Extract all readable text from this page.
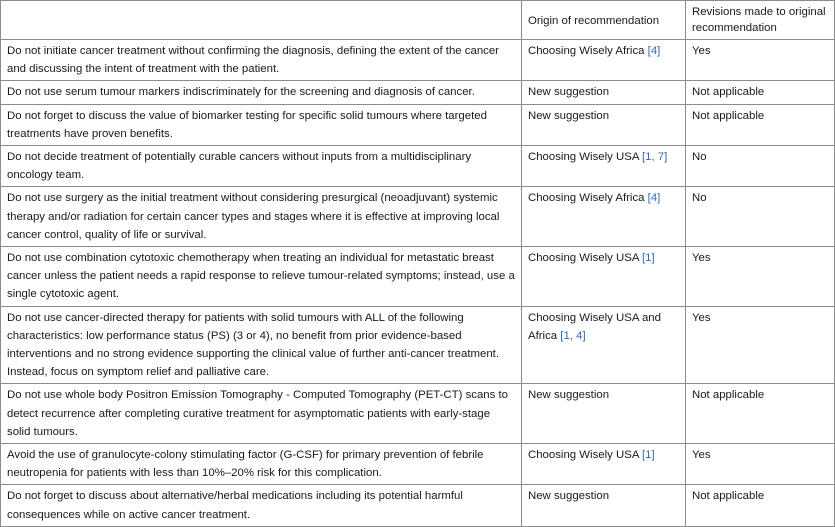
	Origin of recommendation	Revisions made to original recommendation
Do not initiate cancer treatment without confirming the diagnosis, defining the extent of the cancer and discussing the intent of treatment with the patient.	Choosing Wisely Africa [4]	Yes
Do not use serum tumour markers indiscriminately for the screening and diagnosis of cancer.	New suggestion	Not applicable
Do not forget to discuss the value of biomarker testing for specific solid tumours where targeted treatments have proven benefits.	New suggestion	Not applicable
Do not decide treatment of potentially curable cancers without inputs from a multidisciplinary oncology team.	Choosing Wisely USA [1, 7]	No
Do not use surgery as the initial treatment without considering presurgical (neoadjuvant) systemic therapy and/or radiation for certain cancer types and stages where it is effective at improving local cancer control, quality of life or survival.	Choosing Wisely Africa [4]	No
Do not use combination cytotoxic chemotherapy when treating an individual for metastatic breast cancer unless the patient needs a rapid response to relieve tumour-related symptoms; instead, use a single cytotoxic agent.	Choosing Wisely USA [1]	Yes
Do not use cancer-directed therapy for patients with solid tumours with ALL of the following characteristics: low performance status (PS) (3 or 4), no benefit from prior evidence-based interventions and no strong evidence supporting the clinical value of further anti-cancer treatment. Instead, focus on symptom relief and palliative care.	Choosing Wisely USA and Africa [1, 4]	Yes
Do not use whole body Positron Emission Tomography - Computed Tomography (PET-CT) scans to detect recurrence after completing curative treatment for asymptomatic patients with early-stage solid tumours.	New suggestion	Not applicable
Avoid the use of granulocyte-colony stimulating factor (G-CSF) for primary prevention of febrile neutropenia for patients with less than 10%–20% risk for this complication.	Choosing Wisely USA [1]	Yes
Do not forget to discuss about alternative/herbal medications including its potential harmful consequences while on active cancer treatment.	New suggestion	Not applicable
